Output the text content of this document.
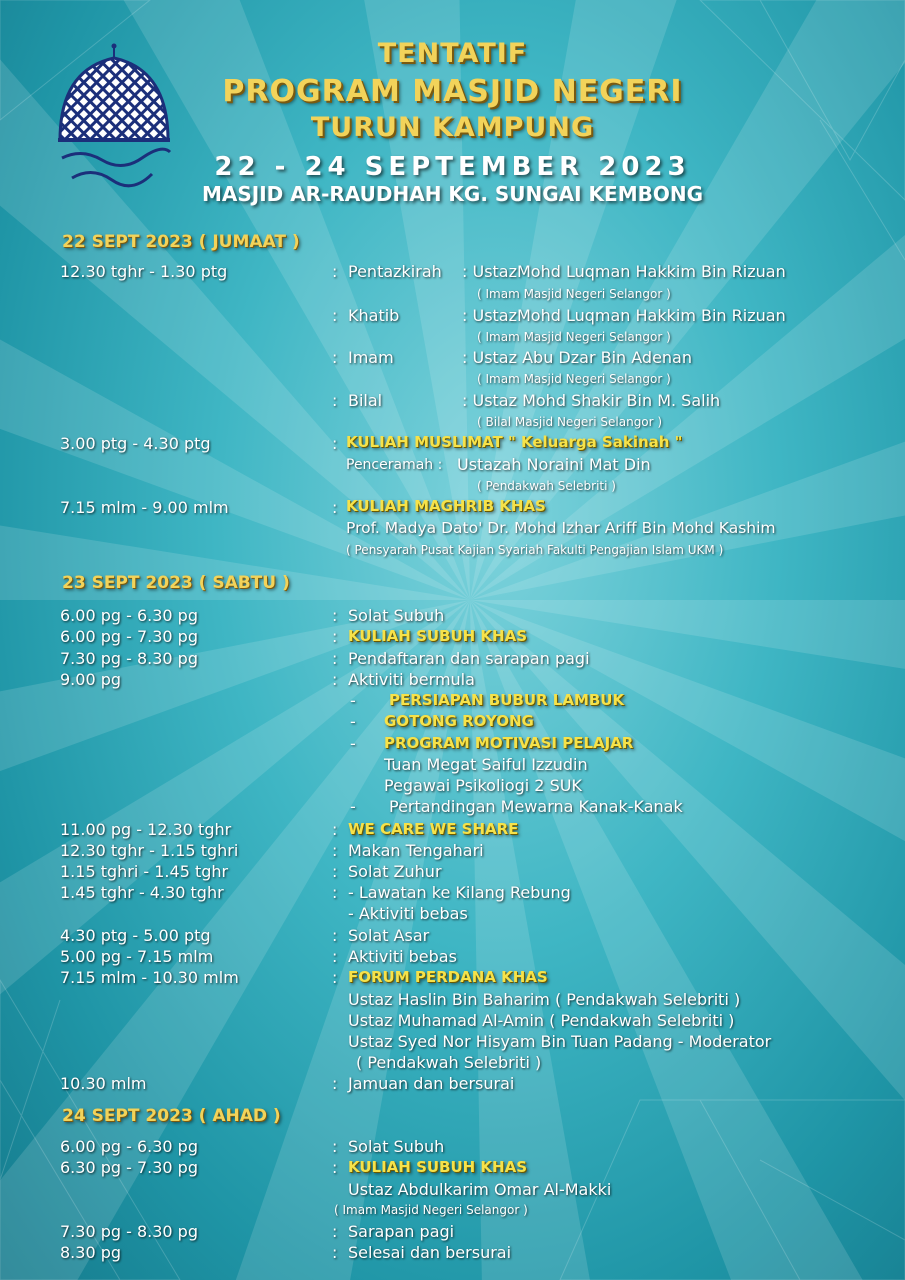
TENTATIF
PROGRAM MASJID NEGERI
TURUN KAMPUNG
22 - 24 SEPTEMBER 2023
MASJID AR-RAUDHAH KG. SUNGAI KEMBONG
22 SEPT 2023 ( JUMAAT )
12.30 tghr - 1.30 ptg	: Pentazkirah : UstazMohd Luqman Hakkim Bin Rizuan
( Imam Masjid Negeri Selangor )
: Khatib	: UstazMohd Luqman Hakkim Bin Rizuan
( Imam Masjid Negeri Selangor )
: Imam	: Ustaz Abu Dzar Bin Adenan
( Imam Masjid Negeri Selangor )
: Bilal	: Ustaz Mohd Shakir Bin M. Salih
( Bilal Masjid Negeri Selangor )
3.00 ptg - 4.30 ptg	: KULIAH MUSLIMAT " Keluarga Sakinah "
Penceramah : Ustazah Noraini Mat Din
( Pendakwah Selebriti )
7.15 mlm - 9.00 mlm	: KULIAH MAGHRIB KHAS
Prof. Madya Dato' Dr. Mohd Izhar Ariff Bin Mohd Kashim
( Pensyarah Pusat Kajian Syariah Fakulti Pengajian Islam UKM )
23 SEPT 2023 ( SABTU )
6.00 pg - 6.30 pg	: Solat Subuh
6.00 pg - 7.30 pg	: KULIAH SUBUH KHAS
7.30 pg - 8.30 pg	: Pendaftaran dan sarapan pagi
9.00 pg	: Aktiviti bermula
- PERSIAPAN BUBUR LAMBUK
- GOTONG ROYONG
- PROGRAM MOTIVASI PELAJAR
Tuan Megat Saiful Izzudin
Pegawai Psikoliogi 2 SUK
- Pertandingan Mewarna Kanak-Kanak
11.00 pg - 12.30 tghr	: WE CARE WE SHARE
12.30 tghr - 1.15 tghri	: Makan Tengahari
1.15 tghri - 1.45 tghr	: Solat Zuhur
1.45 tghr - 4.30 tghr	: - Lawatan ke Kilang Rebung
- Aktiviti bebas
4.30 ptg - 5.00 ptg	: Solat Asar
5.00 pg - 7.15 mlm	: Aktiviti bebas
7.15 mlm - 10.30 mlm	: FORUM PERDANA KHAS
Ustaz Haslin Bin Baharim ( Pendakwah Selebriti )
Ustaz Muhamad Al-Amin ( Pendakwah Selebriti )
Ustaz Syed Nor Hisyam Bin Tuan Padang - Moderator
( Pendakwah Selebriti )
10.30 mlm	: Jamuan dan bersurai
24 SEPT 2023 ( AHAD )
6.00 pg - 6.30 pg	: Solat Subuh
6.30 pg - 7.30 pg	: KULIAH SUBUH KHAS
Ustaz Abdulkarim Omar Al-Makki
( Imam Masjid Negeri Selangor )
7.30 pg - 8.30 pg	: Sarapan pagi
8.30 pg	: Selesai dan bersurai
